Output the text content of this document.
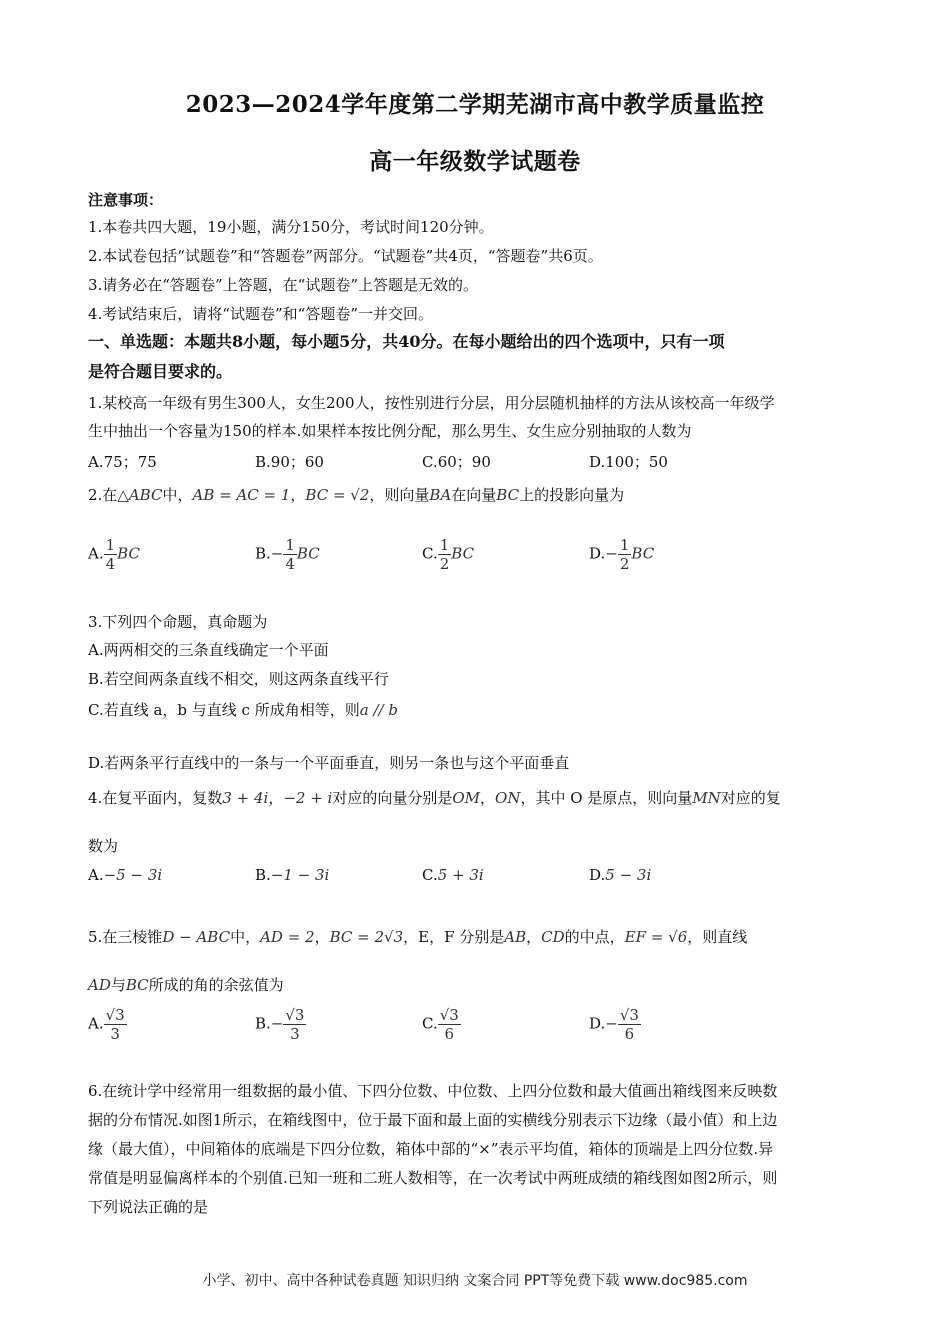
2023—2024学年度第二学期芜湖市高中教学质量监控
高一年级数学试题卷
注意事项：
1.本卷共四大题，19小题，满分150分，考试时间120分钟。
2.本试卷包括“试题卷”和“答题卷”两部分。“试题卷”共4页，“答题卷”共6页。
3.请务必在“答题卷”上答题，在“试题卷”上答题是无效的。
4.考试结束后，请将“试题卷”和“答题卷”一并交回。
一、单选题：本题共8小题，每小题5分，共40分。在每小题给出的四个选项中，只有一项
是符合题目要求的。
1.某校高一年级有男生300人，女生200人，按性别进行分层，用分层随机抽样的方法从该校高一年级学
生中抽出一个容量为150的样本.如果样本按比例分配，那么男生、女生应分别抽取的人数为
A.75；75	B.90；60	C.60；90	D.100；50
2.在△ABC中，AB = AC = 1，BC = √2，则向量BA在向量BC上的投影向量为
A. $\frac{1}{4}$ BC	$B.- \frac{1}{4}$ BC	C. $\frac{1}{2}$ BC	$D.- \frac{1}{2}$ BC
3.下列四个命题，真命题为
A.两两相交的三条直线确定一个平面
B.若空间两条直线不相交，则这两条直线平行
C.若直线 a，b 与直线 c 所成角相等，则a // b
D.若两条平行直线中的一条与一个平面垂直，则另一条也与这个平面垂直
4.在复平面内，复数3 + 4i，−2 + i对应的向量分别是OM，ON，其中 O 是原点，则向量MN对应的复
数为
A.−5 − 3i	B.−1 − 3i	C.5 + 3i	D.5 − 3i
5.在三棱锥D − ABC中，AD = 2，BC = 2√3，E，F 分别是AB，CD的中点，EF = √6，则直线
AD与BC所成的角的余弦值为
A. $\frac{√3}{3}$	$B.- \frac{√3}{3}$	C. $\frac{√3}{6}$	$D.- \frac{√3}{6}$
6.在统计学中经常用一组数据的最小值、下四分位数、中位数、上四分位数和最大值画出箱线图来反映数
据的分布情况.如图1所示，在箱线图中，位于最下面和最上面的实横线分别表示下边缘（最小值）和上边
缘（最大值），中间箱体的底端是下四分位数，箱体中部的“×”表示平均值，箱体的顶端是上四分位数.异
常值是明显偏离样本的个别值.已知一班和二班人数相等，在一次考试中两班成绩的箱线图如图2所示，则
下列说法正确的是
小学、初中、高中各种试卷真题 知识归纳 文案合同 PPT等免费下载 www.doc985.com
